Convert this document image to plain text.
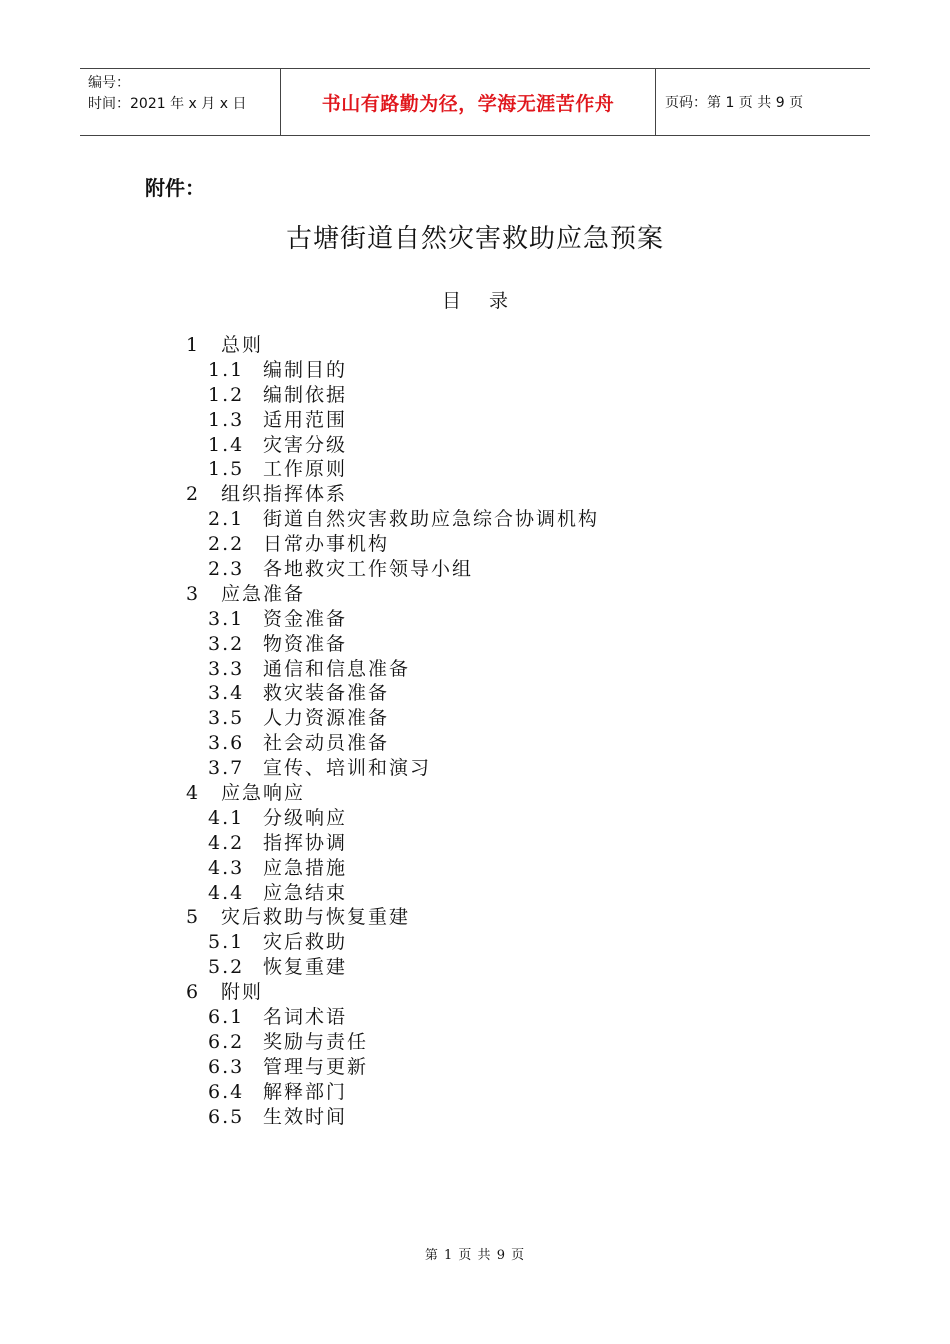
编号：
时间：2021 年 x 月 x 日	书山有路勤为径，学海无涯苦作舟	页码：第 1 页 共 9 页
附件：
古塘街道自然灾害救助应急预案
目 录
1 总则
1.1 编制目的
1.2 编制依据
1.3 适用范围
1.4 灾害分级
1.5 工作原则
2 组织指挥体系
2.1 街道自然灾害救助应急综合协调机构
2.2 日常办事机构
2.3 各地救灾工作领导小组
3 应急准备
3.1 资金准备
3.2 物资准备
3.3 通信和信息准备
3.4 救灾装备准备
3.5 人力资源准备
3.6 社会动员准备
3.7 宣传、培训和演习
4 应急响应
4.1 分级响应
4.2 指挥协调
4.3 应急措施
4.4 应急结束
5 灾后救助与恢复重建
5.1 灾后救助
5.2 恢复重建
6 附则
6.1 名词术语
6.2 奖励与责任
6.3 管理与更新
6.4 解释部门
6.5 生效时间
第 1 页 共 9 页
